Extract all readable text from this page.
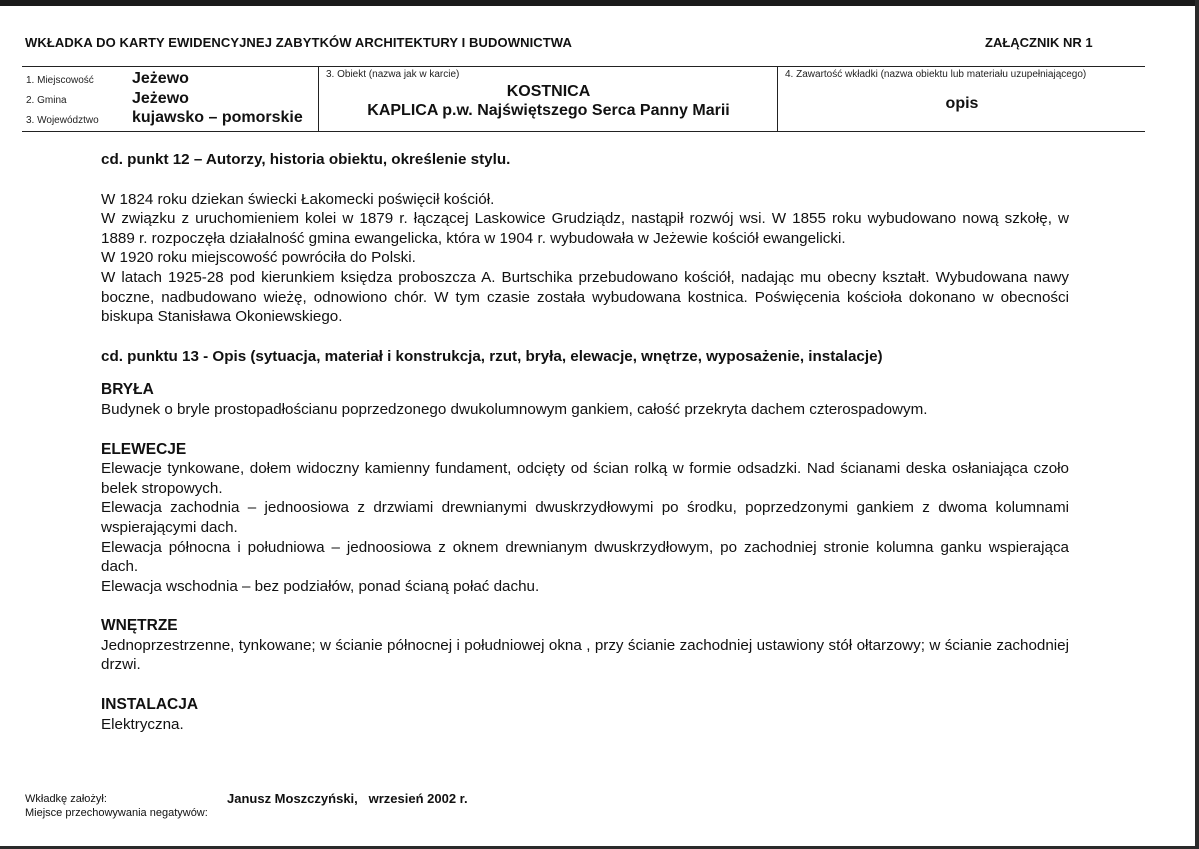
WKŁADKA DO KARTY EWIDENCYJNEJ ZABYTKÓW ARCHITEKTURY I BUDOWNICTWA	ZAŁĄCZNIK NR 1
1. Miejscowość Jeżewo
2. Gmina	Jeżewo
3. Województwo kujawsko – pomorskie
3. Obiekt (nazwa jak w karcie)
KOSTNICA
KAPLICA p.w. Najświętszego Serca Panny Marii
4. Zawartość wkładki (nazwa obiektu lub materiału uzupełniającego)
opis

cd. punkt 12 – Autorzy, historia obiektu, określenie stylu.

W 1824 roku dziekan świecki Łakomecki poświęcił kościół.

W związku z uruchomieniem kolei w 1879 r. łączącej Laskowice Grudziądz, nastąpił rozwój wsi. W 1855 roku wybudowano nową szkołę, w 1889 r. rozpoczęła działalność gmina ewangelicka, która w 1904 r. wybudowała w Jeżewie kościół ewangelicki.

W 1920 roku miejscowość powróciła do Polski.

W latach 1925-28 pod kierunkiem księdza proboszcza A. Burtschika przebudowano kościół, nadając mu obecny kształt. Wybudowana nawy boczne, nadbudowano wieżę, odnowiono chór. W tym czasie została wybudowana kostnica. Poświęcenia kościoła dokonano w obecności biskupa Stanisława Okoniewskiego.

cd. punktu 13 - Opis (sytuacja, materiał i konstrukcja, rzut, bryła, elewacje, wnętrze, wyposażenie, instalacje)

BRYŁA

Budynek o bryle prostopadłościanu poprzedzonego dwukolumnowym gankiem, całość przekryta dachem czterospadowym.

ELEWECJE

Elewacje tynkowane, dołem widoczny kamienny fundament, odcięty od ścian rolką w formie odsadzki. Nad ścianami deska osłaniająca czoło belek stropowych.

Elewacja zachodnia – jednoosiowa z drzwiami drewnianymi dwuskrzydłowymi po środku, poprzedzonymi gankiem z dwoma kolumnami wspierającymi dach.

Elewacja północna i południowa – jednoosiowa z oknem drewnianym dwuskrzydłowym, po zachodniej stronie kolumna ganku wspierająca dach.

Elewacja wschodnia – bez podziałów, ponad ścianą połać dachu.

WNĘTRZE

Jednoprzestrzenne, tynkowane; w ścianie północnej i południowej okna , przy ścianie zachodniej ustawiony stół ołtarzowy; w ścianie zachodniej drzwi.

INSTALACJA

Elektryczna.

Wkładkę założył:
Miejsce przechowywania negatywów:
Janusz Moszczyński,   wrzesień 2002 r.
